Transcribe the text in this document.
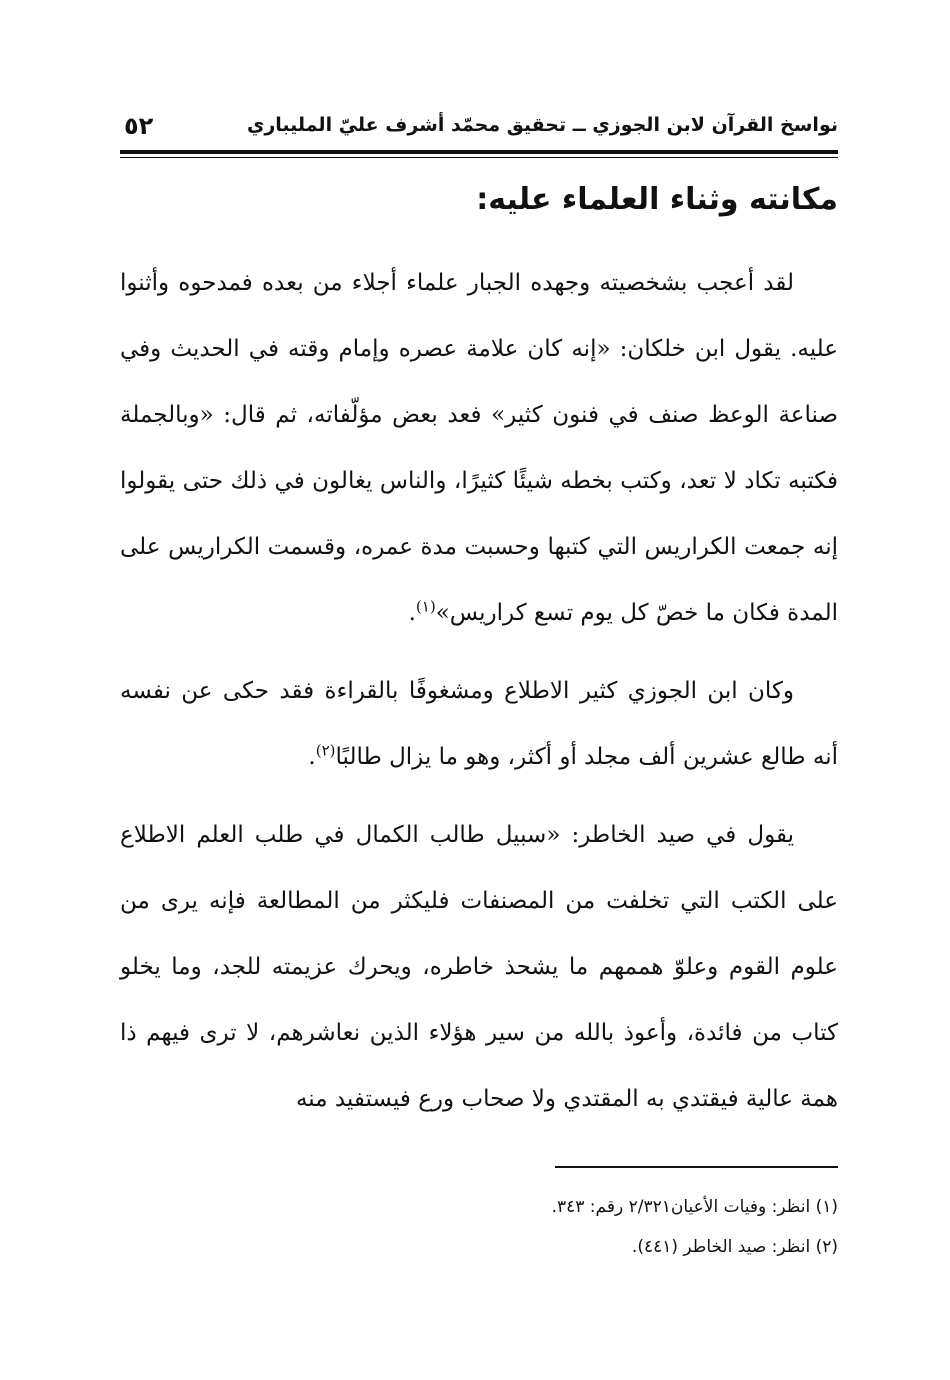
نواسخ القرآن لابن الجوزي ــ تحقيق محمّد أشرف عليّ المليباري
٥٢
مكانته وثناء العلماء عليه:

لقد أعجب بشخصيته وجهده الجبار علماء أجلاء من بعده فمدحوه وأثنوا عليه. يقول ابن خلكان: «إنه كان علامة عصره وإمام وقته في الحديث وفي صناعة الوعظ صنف في فنون كثير» فعد بعض مؤلّفاته، ثم قال: «وبالجملة فكتبه تكاد لا تعد، وكتب بخطه شيئًا كثيرًا، والناس يغالون في ذلك حتى يقولوا إنه جمعت الكراريس التي كتبها وحسبت مدة عمره، وقسمت الكراريس على المدة فكان ما خصّ كل يوم تسع كراريس»$^{(١)}$.

وكان ابن الجوزي كثير الاطلاع ومشغوفًا بالقراءة فقد حكى عن نفسه أنه طالع عشرين ألف مجلد أو أكثر، وهو ما يزال طالبًا$^{(٢)}$.

يقول في صيد الخاطر: «سبيل طالب الكمال في طلب العلم الاطلاع على الكتب التي تخلفت من المصنفات فليكثر من المطالعة فإنه يرى من علوم القوم وعلوّ هممهم ما يشحذ خاطره، ويحرك عزيمته للجد، وما يخلو كتاب من فائدة، وأعوذ بالله من سير هؤلاء الذين نعاشرهم، لا ترى فيهم ذا همة عالية فيقتدي به المقتدي ولا صحاب ورع فيستفيد منه

(١) انظر: وفيات الأعيان٢/٣٢١ رقم: ٣٤٣.
(٢) انظر: صيد الخاطر (٤٤١).
